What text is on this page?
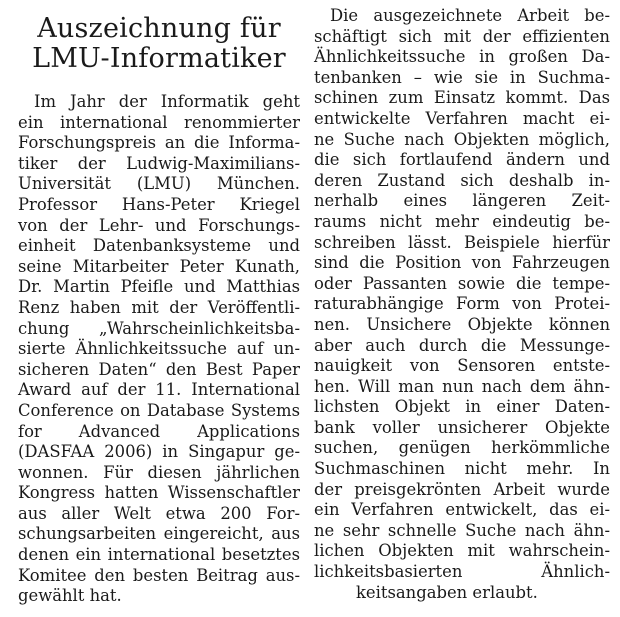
Auszeichnung für
LMU-Informatiker
Im Jahr der Informatik geht
ein international renommierter
Forschungspreis an die Informa-
tiker der Ludwig-Maximilians-
Universität (LMU) München.
Professor Hans-Peter Kriegel
von der Lehr- und Forschungs-
einheit Datenbanksysteme und
seine Mitarbeiter Peter Kunath,
Dr. Martin Pfeifle und Matthias
Renz haben mit der Veröffentli-
chung „Wahrscheinlichkeitsba-
sierte Ähnlichkeitssuche auf un-
sicheren Daten“ den Best Paper
Award auf der 11. International
Conference on Database Systems
for Advanced Applications
(DASFAA 2006) in Singapur ge-
wonnen. Für diesen jährlichen
Kongress hatten Wissenschaftler
aus aller Welt etwa 200 For-
schungsarbeiten eingereicht, aus
denen ein international besetztes
Komitee den besten Beitrag aus-
gewählt hat.
Die ausgezeichnete Arbeit be-
schäftigt sich mit der effizienten
Ähnlichkeitssuche in großen Da-
tenbanken – wie sie in Suchma-
schinen zum Einsatz kommt. Das
entwickelte Verfahren macht ei-
ne Suche nach Objekten möglich,
die sich fortlaufend ändern und
deren Zustand sich deshalb in-
nerhalb eines längeren Zeit-
raums nicht mehr eindeutig be-
schreiben lässt. Beispiele hierfür
sind die Position von Fahrzeugen
oder Passanten sowie die tempe-
raturabhängige Form von Protei-
nen. Unsichere Objekte können
aber auch durch die Messunge-
nauigkeit von Sensoren entste-
hen. Will man nun nach dem ähn-
lichsten Objekt in einer Daten-
bank voller unsicherer Objekte
suchen, genügen herkömmliche
Suchmaschinen nicht mehr. In
der preisgekrönten Arbeit wurde
ein Verfahren entwickelt, das ei-
ne sehr schnelle Suche nach ähn-
lichen Objekten mit wahrschein-
lichkeitsbasierten Ähnlich-
keitsangaben erlaubt.
